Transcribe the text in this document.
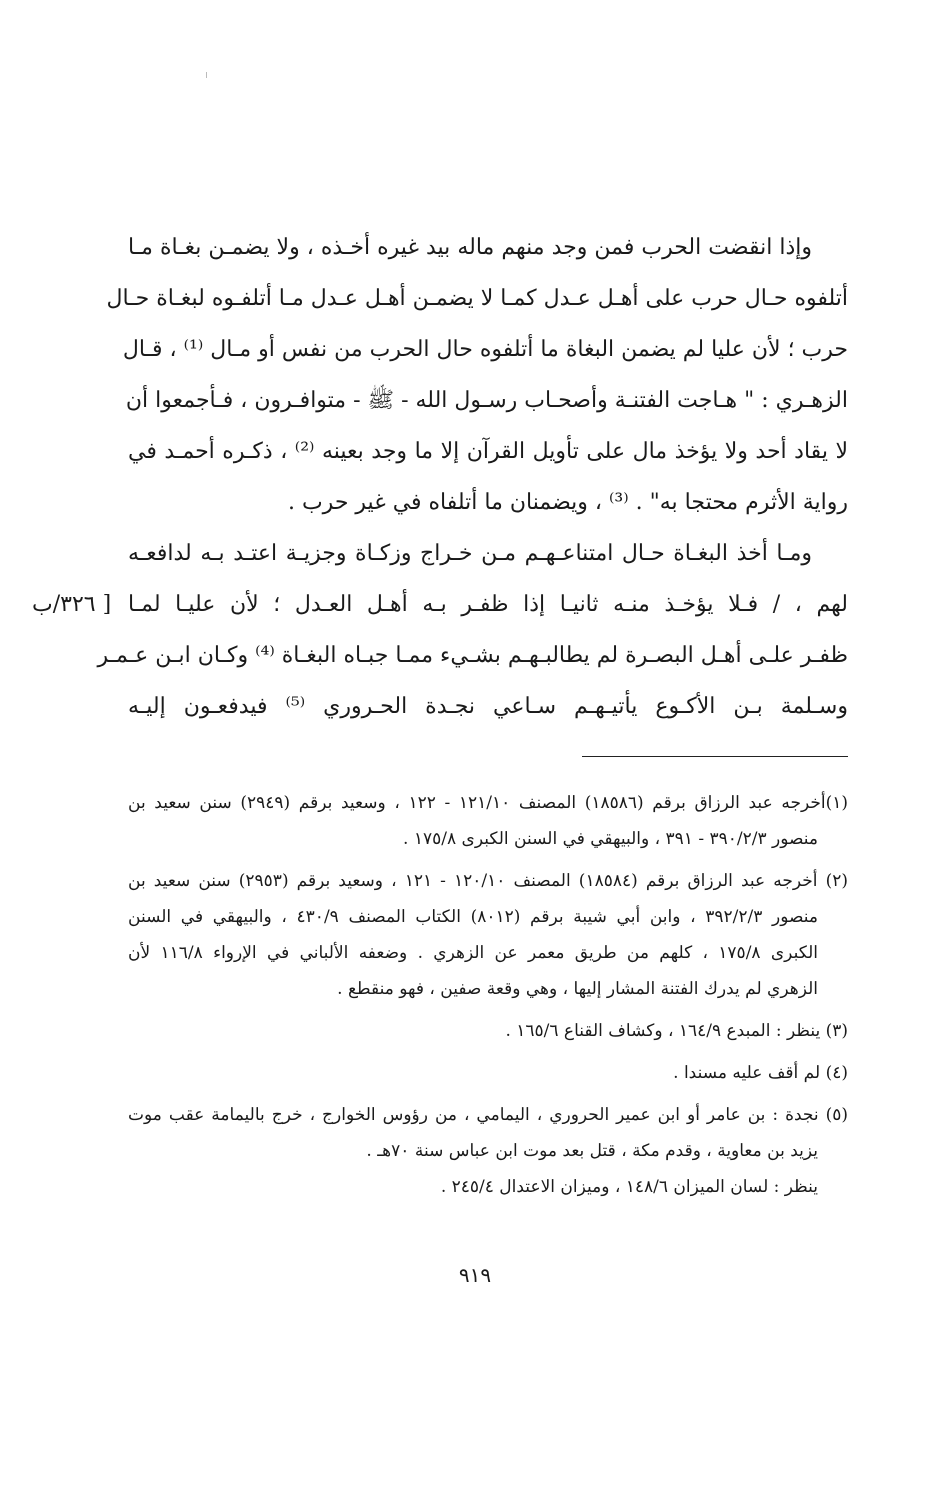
وإذا انقضت الحرب فمن وجد منهم ماله بيد غيره أخـذه ، ولا يضمـن بغـاة مـا
أتلفوه حـال حرب على أهـل عـدل كمـا لا يضمـن أهـل عـدل مـا أتلفـوه لبغـاة حـال
حرب ؛ لأن عليا لم يضمن البغاة ما أتلفوه حال الحرب من نفس أو مـال ⁽¹⁾ ، قـال
الزهـري : " هـاجت الفتنـة وأصحـاب رسـول الله - ﷺ - متوافـرون ، فـأجمعوا أن
لا يقاد أحد ولا يؤخذ مال على تأويل القرآن إلا ما وجد بعينه ⁽²⁾ ، ذكـره أحمـد في
رواية الأثرم محتجا به" . ⁽³⁾ ، ويضمنان ما أتلفاه في غير حرب .
ومـا أخذ البغـاة حـال امتناعـهـم مـن خـراج وزكـاة وجزيـة اعتـد بـه لدافعـه
لهم ، / فـلا يؤخـذ منـه ثانيـا إذا ظفـر بـه أهـل العـدل ؛ لأن عليـا لمـا
ظفـر علـى أهـل البصـرة لم يطالبـهـم بشـيء ممـا جبـاه البغـاة ⁽⁴⁾ وكـان ابـن عـمـر
وسـلمة بـن الأكـوع يأتيـهـم سـاعي نجـدة الحـروري ⁽⁵⁾ فيدفعـون إليـه
[ ٣٢٦/ب
(١)أخرجه عبد الرزاق برقم (١٨٥٨٦) المصنف ١٢١/١٠ - ١٢٢ ، وسعيد برقم (٢٩٤٩) سنن سعيد بن
منصور ٣٩٠/٢/٣ - ٣٩١ ، والبيهقي في السنن الكبرى ١٧٥/٨ .
(٢) أخرجه عبد الرزاق برقم (١٨٥٨٤) المصنف ١٢٠/١٠ - ١٢١ ، وسعيد برقم (٢٩٥٣) سنن سعيد بن
منصور ٣٩٢/٢/٣ ، وابن أبي شيبة برقم (٨٠١٢) الكتاب المصنف ٤٣٠/٩ ، والبيهقي في السنن
الكبرى ١٧٥/٨ ، كلهم من طريق معمر عن الزهري . وضعفه الألباني في الإرواء ١١٦/٨ لأن
الزهري لم يدرك الفتنة المشار إليها ، وهي وقعة صفين ، فهو منقطع .
(٣) ينظر : المبدع ١٦٤/٩ ، وكشاف القناع ١٦٥/٦ .
(٤) لم أقف عليه مسندا .
(٥) نجدة : بن عامر أو ابن عمير الحروري ، اليمامي ، من رؤوس الخوارج ، خرج باليمامة عقب موت
يزيد بن معاوية ، وقدم مكة ، قتل بعد موت ابن عباس سنة ٧٠هـ .
ينظر : لسان الميزان ١٤٨/٦ ، وميزان الاعتدال ٢٤٥/٤ .
٩١٩
